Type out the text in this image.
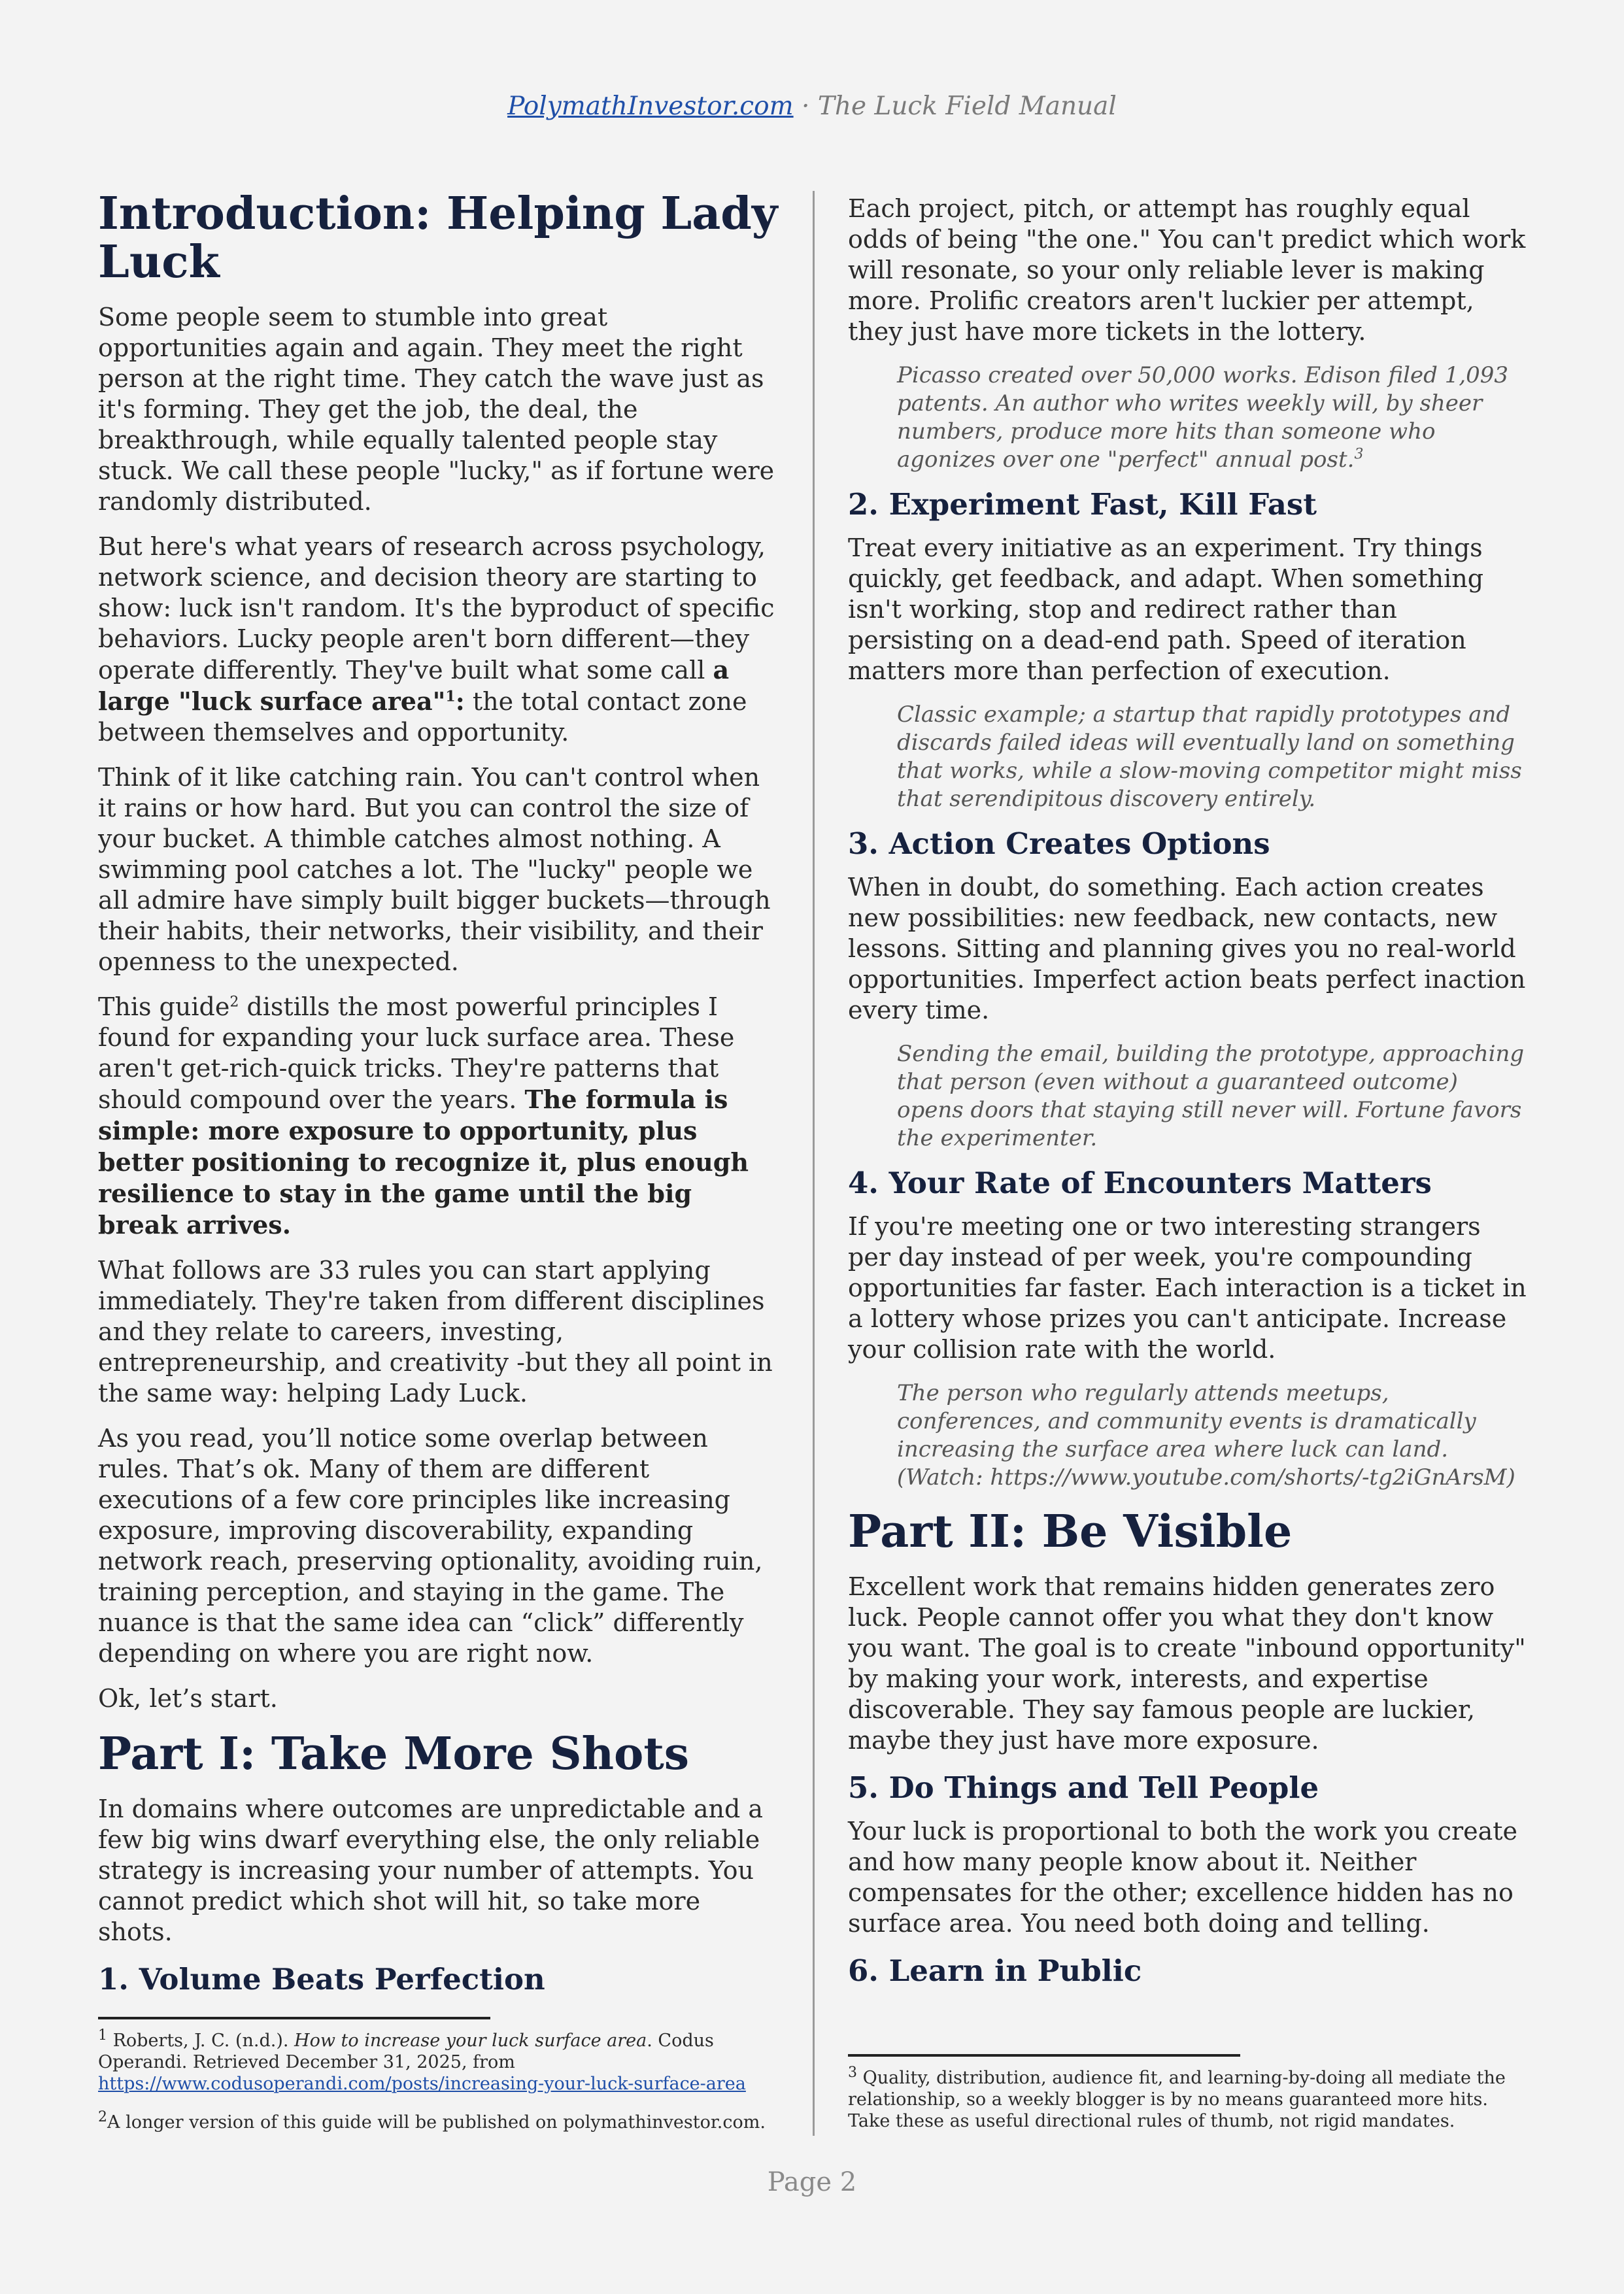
PolymathInvestor.com · The Luck Field Manual
Introduction: Helping Lady Luck

Some people seem to stumble into great opportunities again and again. They meet the right person at the right time. They catch the wave just as it's forming. They get the job, the deal, the breakthrough, while equally talented people stay stuck. We call these people "lucky," as if fortune were randomly distributed.

But here's what years of research across psychology, network science, and decision theory are starting to show: luck isn't random. It's the byproduct of specific behaviors. Lucky people aren't born different—they operate differently. They've built what some call a large "luck surface area"$^1$: the total contact zone between themselves and opportunity.

Think of it like catching rain. You can't control when it rains or how hard. But you can control the size of your bucket. A thimble catches almost nothing. A swimming pool catches a lot. The "lucky" people we all admire have simply built bigger buckets—through their habits, their networks, their visibility, and their openness to the unexpected.

This guide$^2$ distills the most powerful principles I found for expanding your luck surface area. These aren't get-rich-quick tricks. They're patterns that should compound over the years. The formula is simple: more exposure to opportunity, plus better positioning to recognize it, plus enough resilience to stay in the game until the big break arrives.

What follows are 33 rules you can start applying immediately. They're taken from different disciplines and they relate to careers, investing, entrepreneurship, and creativity -but they all point in the same way: helping Lady Luck.

As you read, you’ll notice some overlap between rules. That’s ok. Many of them are different executions of a few core principles like increasing exposure, improving discoverability, expanding network reach, preserving optionality, avoiding ruin, training perception, and staying in the game. The nuance is that the same idea can “click” differently depending on where you are right now.

Ok, let’s start.

Part I: Take More Shots

In domains where outcomes are unpredictable and a few big wins dwarf everything else, the only reliable strategy is increasing your number of attempts. You cannot predict which shot will hit, so take more shots.

1. Volume Beats Perfection
$^1$ Roberts, J. C. (n.d.). How to increase your luck surface area. Codus Operandi. Retrieved December 31, 2025, from
https://www.codusoperandi.com/posts/increasing-your-luck-surface-area
$^2$A longer version of this guide will be published on polymathinvestor.com.

Each project, pitch, or attempt has roughly equal odds of being "the one." You can't predict which work will resonate, so your only reliable lever is making more. Prolific creators aren't luckier per attempt, they just have more tickets in the lottery.

Picasso created over 50,000 works. Edison filed 1,093 patents. An author who writes weekly will, by sheer numbers, produce more hits than someone who agonizes over one "perfect" annual post.$^3$

2. Experiment Fast, Kill Fast

Treat every initiative as an experiment. Try things quickly, get feedback, and adapt. When something isn't working, stop and redirect rather than persisting on a dead-end path. Speed of iteration matters more than perfection of execution.

Classic example; a startup that rapidly prototypes and discards failed ideas will eventually land on something that works, while a slow-moving competitor might miss that serendipitous discovery entirely.

3. Action Creates Options

When in doubt, do something. Each action creates new possibilities: new feedback, new contacts, new lessons. Sitting and planning gives you no real-world opportunities. Imperfect action beats perfect inaction every time.

Sending the email, building the prototype, approaching that person (even without a guaranteed outcome) opens doors that staying still never will. Fortune favors the experimenter.

4. Your Rate of Encounters Matters

If you're meeting one or two interesting strangers per day instead of per week, you're compounding opportunities far faster. Each interaction is a ticket in a lottery whose prizes you can't anticipate. Increase your collision rate with the world.

The person who regularly attends meetups, conferences, and community events is dramatically increasing the surface area where luck can land. (Watch: https://www.youtube.com/shorts/-tg2iGnArsM)

Part II: Be Visible

Excellent work that remains hidden generates zero luck. People cannot offer you what they don't know you want. The goal is to create "inbound opportunity" by making your work, interests, and expertise discoverable. They say famous people are luckier, maybe they just have more exposure.

5. Do Things and Tell People

Your luck is proportional to both the work you create and how many people know about it. Neither compensates for the other; excellence hidden has no surface area. You need both doing and telling.

6. Learn in Public
$^3$ Quality, distribution, audience fit, and learning-by-doing all mediate the relationship, so a weekly blogger is by no means guaranteed more hits. Take these as useful directional rules of thumb, not rigid mandates.
Page 2
